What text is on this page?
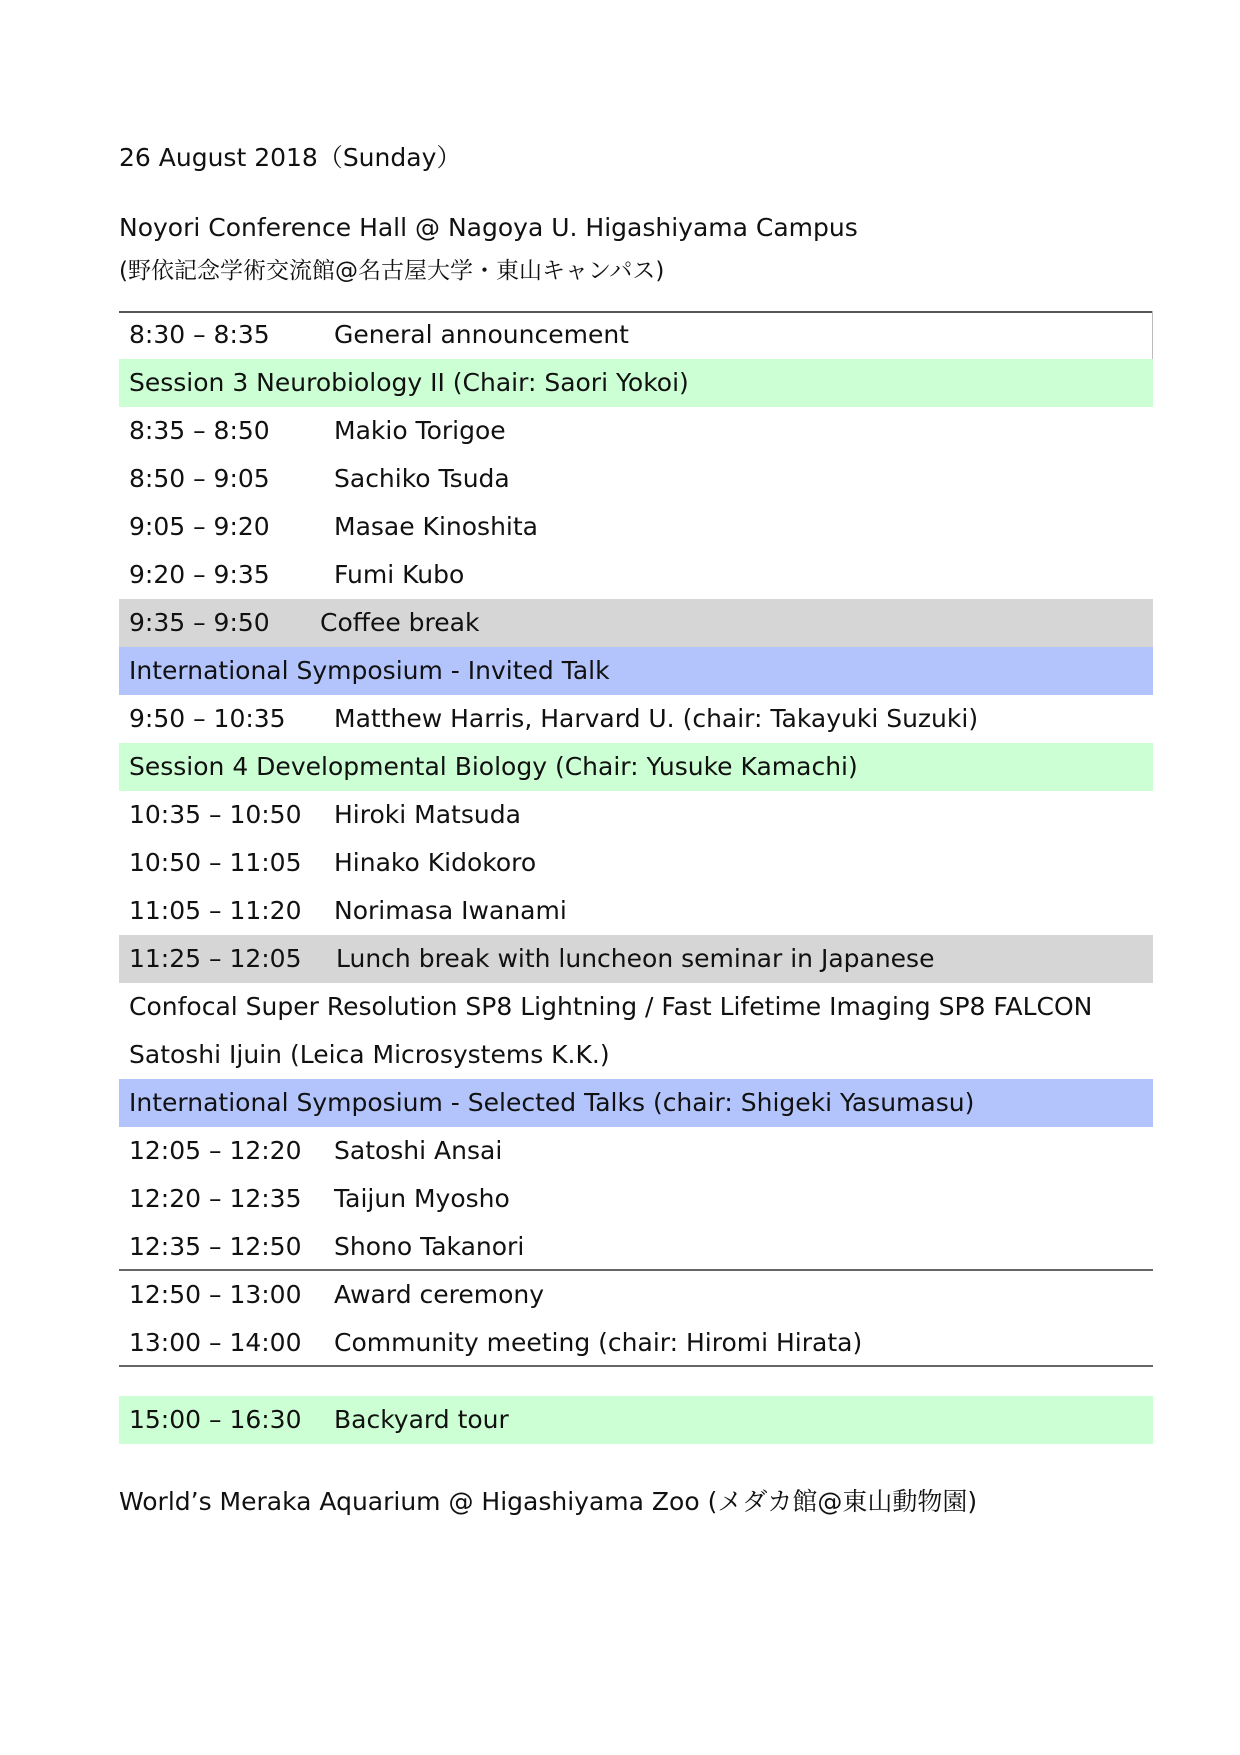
26 August 2018（Sunday）
Noyori Conference Hall @ Nagoya U. Higashiyama Campus
(野依記念学術交流館@名古屋大学・東山キャンパス)
8:30 – 8:35	General announcement
Session 3 Neurobiology II (Chair: Saori Yokoi)
8:35 – 8:50	Makio Torigoe
8:50 – 9:05	Sachiko Tsuda
9:05 – 9:20	Masae Kinoshita
9:20 – 9:35	Fumi Kubo
9:35 – 9:50 Coffee break
International Symposium - Invited Talk
9:50 – 10:35 Matthew Harris, Harvard U. (chair: Takayuki Suzuki)
Session 4 Developmental Biology (Chair: Yusuke Kamachi)
10:35 – 10:50 Hiroki Matsuda
10:50 – 11:05 Hinako Kidokoro
11:05 – 11:20 Norimasa Iwanami
11:25 – 12:05 Lunch break with luncheon seminar in Japanese
Confocal Super Resolution SP8 Lightning / Fast Lifetime Imaging SP8 FALCON
Satoshi Ijuin (Leica Microsystems K.K.)
International Symposium - Selected Talks (chair: Shigeki Yasumasu)
12:05 – 12:20 Satoshi Ansai
12:20 – 12:35 Taijun Myosho
12:35 – 12:50 Shono Takanori
12:50 – 13:00 Award ceremony
13:00 – 14:00 Community meeting (chair: Hiromi Hirata)
15:00 – 16:30 Backyard tour
World’s Meraka Aquarium @ Higashiyama Zoo (メダカ館@東山動物園)
